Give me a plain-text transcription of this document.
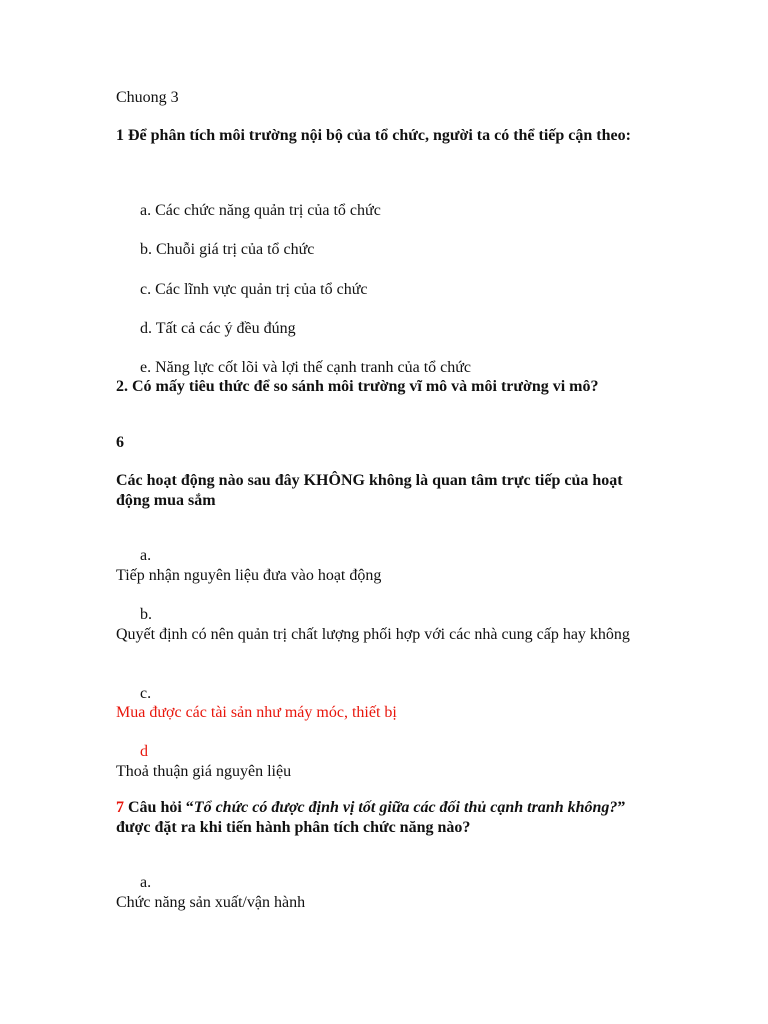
Chuong 3
1 Để phân tích môi trường nội bộ của tổ chức, người ta có thể tiếp cận theo:
a. Các chức năng quản trị của tổ chức
b. Chuỗi giá trị của tổ chức
c. Các lĩnh vực quản trị của tổ chức
d. Tất cả các ý đều đúng
e. Năng lực cốt lõi và lợi thế cạnh tranh của tổ chức
2. Có mấy tiêu thức để so sánh môi trường vĩ mô và môi trường vi mô?
6
Các hoạt động nào sau đây KHÔNG không là quan tâm trực tiếp của hoạt động mua sắm
a.
Tiếp nhận nguyên liệu đưa vào hoạt động
b.
Quyết định có nên quản trị chất lượng phối hợp với các nhà cung cấp hay không
c.
Mua được các tài sản như máy móc, thiết bị
d
Thoả thuận giá nguyên liệu
7 Câu hỏi “Tổ chức có được định vị tốt giữa các đối thủ cạnh tranh không?” được đặt ra khi tiến hành phân tích chức năng nào?
a.
Chức năng sản xuất/vận hành
